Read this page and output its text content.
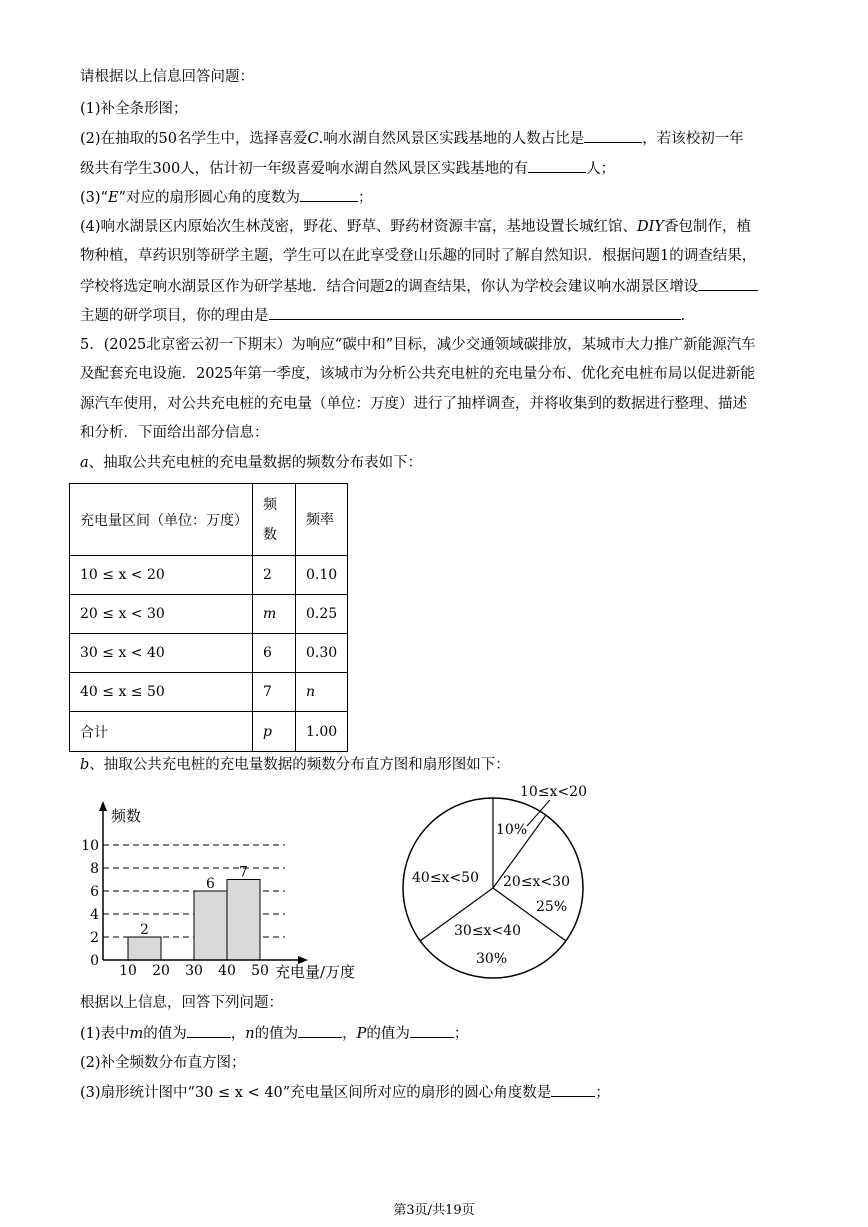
请根据以上信息回答问题：
(1)补全条形图；
(2)在抽取的50名学生中，选择喜爱C.响水湖自然风景区实践基地的人数占比是	，若该校初一年
级共有学生300人，估计初一年级喜爱响水湖自然风景区实践基地的有	人；
(3)“E”对应的扇形圆心角的度数为	；
(4)响水湖景区内原始次生林茂密，野花、野草、野药材资源丰富，基地设置长城红馆、DIY香包制作，植
物种植，草药识别等研学主题，学生可以在此享受登山乐趣的同时了解自然知识．根据问题1的调查结果，
学校将选定响水湖景区作为研学基地．结合问题2的调查结果，你认为学校会建议响水湖景区增设
主题的研学项目，你的理由是	.
5．(2025北京密云初一下期末）为响应“碳中和”目标，减少交通领域碳排放，某城市大力推广新能源汽车
及配套充电设施．2025年第一季度，该城市为分析公共充电桩的充电量分布、优化充电桩布局以促进新能
源汽车使用，对公共充电桩的充电量（单位：万度）进行了抽样调查，并将收集到的数据进行整理、描述
和分析．下面给出部分信息：
a、抽取公共充电桩的充电量数据的频数分布表如下：
充电量区间（单位：万度）	频数	频率
10 ≤ x < 20	2	0.10
20 ≤ x < 30	m	0.25
30 ≤ x < 40	6	0.30
40 ≤ x ≤ 50	7	n
合计	p	1.00
b、抽取公共充电桩的充电量数据的频数分布直方图和扇形图如下：
0
2
4
6
8
10
2
6
7
10 20 30 40 50
频数
充电量/万度
10≤x<20
10%
20≤x<30
25%
30≤x<40
30%
40≤x<50
根据以上信息，回答下列问题：
(1)表中m的值为	，n的值为	，P的值为	；
(2)补全频数分布直方图；
(3)扇形统计图中“30 ≤ x < 40”充电量区间所对应的扇形的圆心角度数是	；
第3页/共19页
